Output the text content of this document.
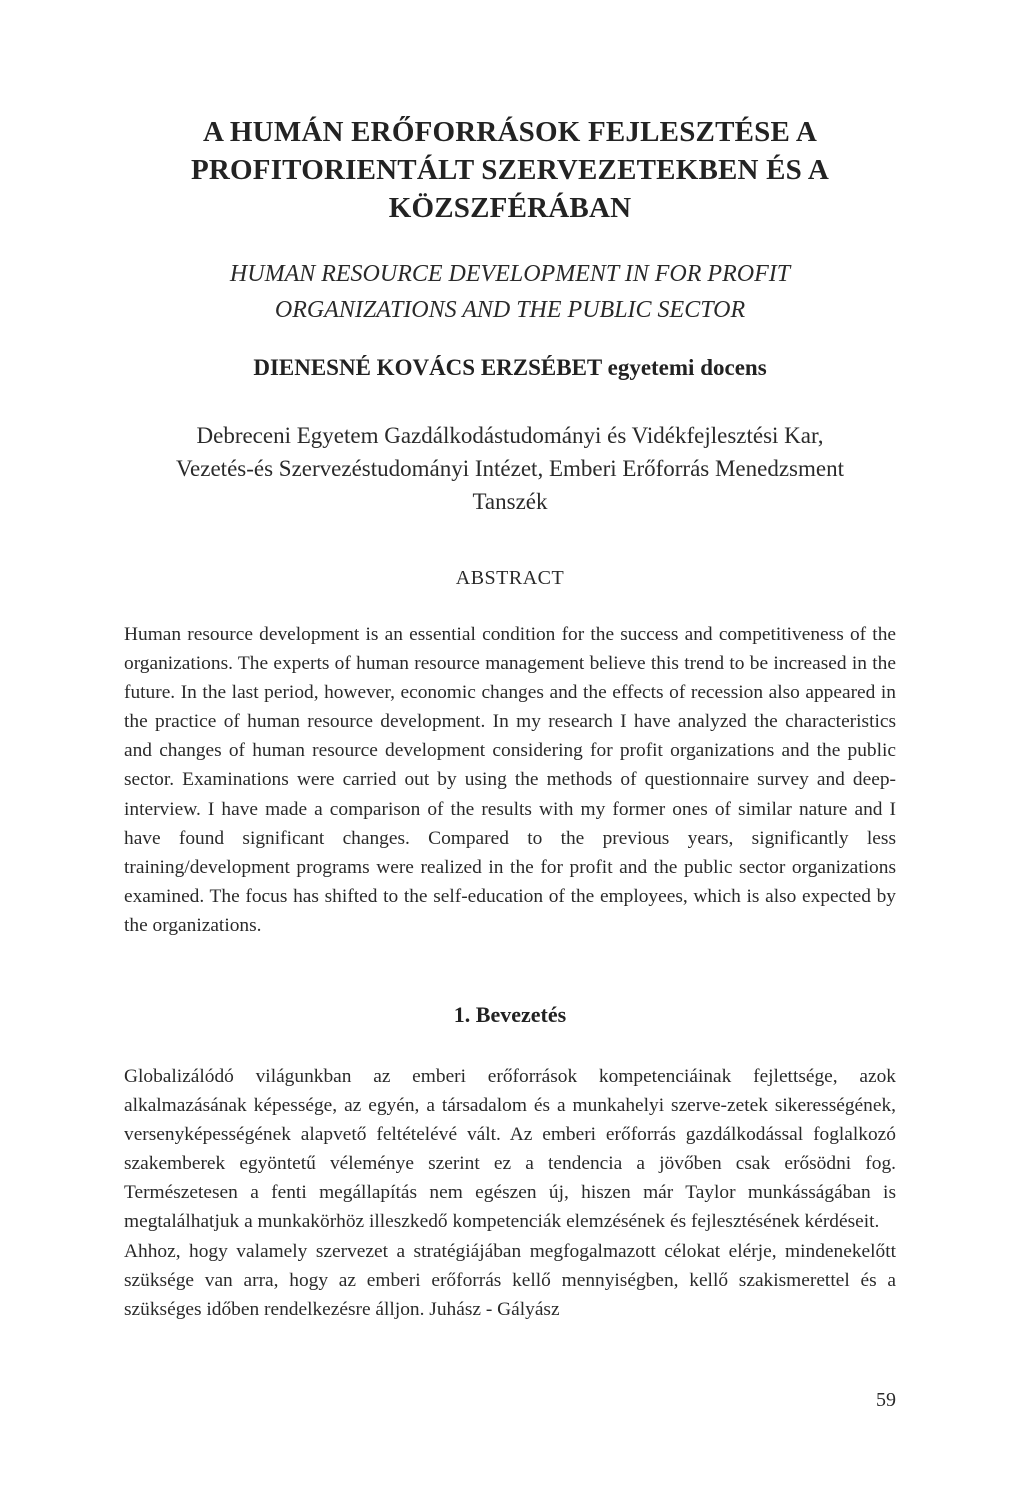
A HUMÁN ERŐFORRÁSOK FEJLESZTÉSE A
PROFITORIENTÁLT SZERVEZETEKBEN ÉS A
KÖZSZFÉRÁBAN
HUMAN RESOURCE DEVELOPMENT IN FOR PROFIT
ORGANIZATIONS AND THE PUBLIC SECTOR
DIENESNÉ KOVÁCS ERZSÉBET egyetemi docens
Debreceni Egyetem Gazdálkodástudományi és Vidékfejlesztési Kar,
Vezetés-és Szervezéstudományi Intézet, Emberi Erőforrás Menedzsment
Tanszék
ABSTRACT
Human resource development is an essential condition for the success and competitiveness of the organizations. The experts of human resource management believe this trend to be increased in the future. In the last period, however, economic changes and the effects of recession also appeared in the practice of human resource development. In my research I have analyzed the characteristics and changes of human resource development considering for profit organizations and the public sector. Examinations were carried out by using the methods of questionnaire survey and deep-interview. I have made a comparison of the results with my former ones of similar nature and I have found significant changes. Compared to the previous years, significantly less training/development programs were realized in the for profit and the public sector organizations examined. The focus has shifted to the self-education of the employees, which is also expected by the organizations.
1. Bevezetés

Globalizálódó világunkban az emberi erőforrások kompetenciáinak fejlettsége, azok alkalmazásának képessége, az egyén, a társadalom és a munkahelyi szerve-zetek sikerességének, versenyképességének alapvető feltételévé vált. Az emberi erőforrás gazdálkodással foglalkozó szakemberek egyöntetű véleménye szerint ez a tendencia a jövőben csak erősödni fog. Természetesen a fenti megállapítás nem egészen új, hiszen már Taylor munkásságában is megtalálhatjuk a munkakörhöz illeszkedő kompetenciák elemzésének és fejlesztésének kérdéseit.

Ahhoz, hogy valamely szervezet a stratégiájában megfogalmazott célokat elérje, mindenekelőtt szüksége van arra, hogy az emberi erőforrás kellő mennyiségben, kellő szakismerettel és a szükséges időben rendelkezésre álljon. Juhász - Gályász

59
